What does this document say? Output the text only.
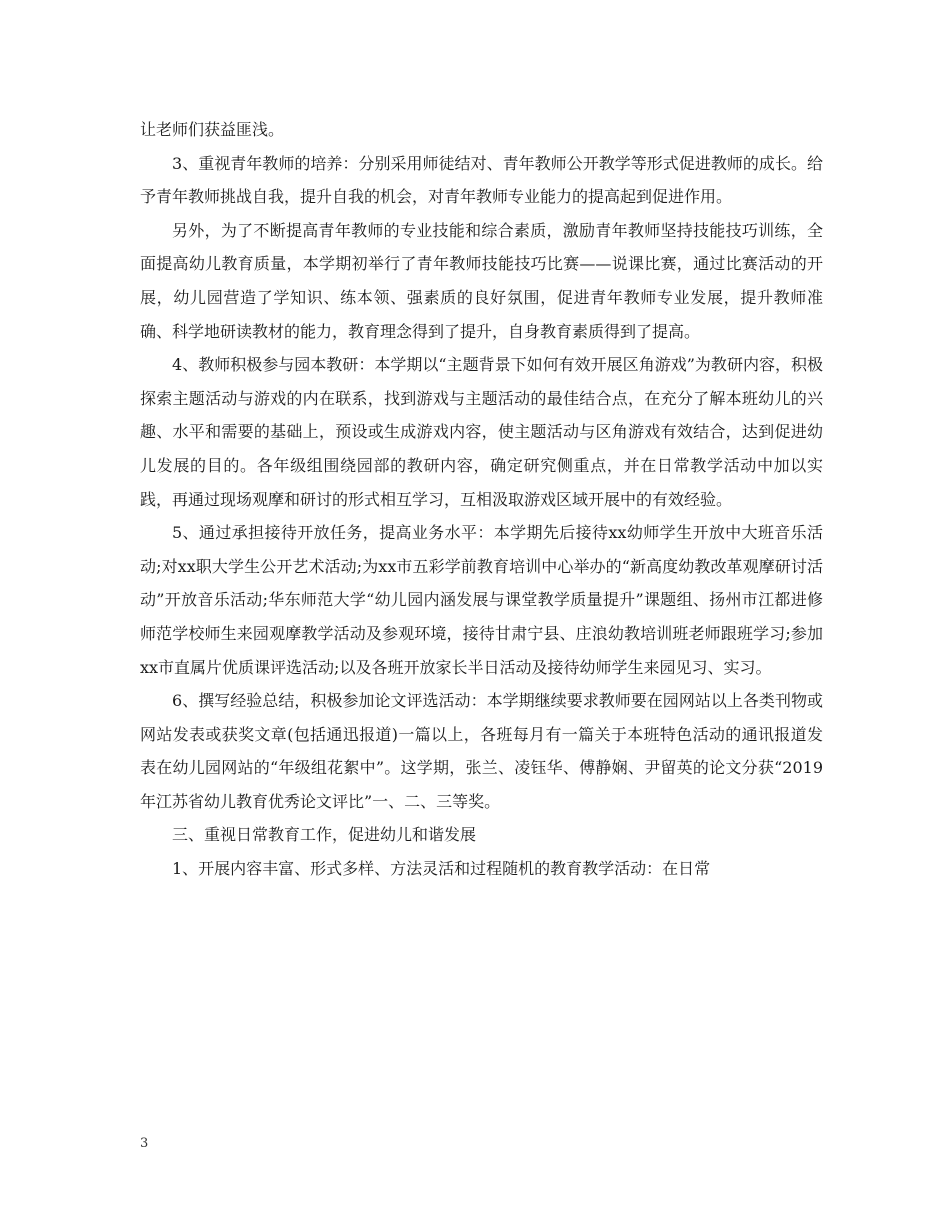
让老师们获益匪浅。

3、重视青年教师的培养：分别采用师徒结对、青年教师公开教学等形式促进教师的成长。给予青年教师挑战自我，提升自我的机会，对青年教师专业能力的提高起到促进作用。

另外，为了不断提高青年教师的专业技能和综合素质，激励青年教师坚持技能技巧训练，全面提高幼儿教育质量，本学期初举行了青年教师技能技巧比赛——说课比赛，通过比赛活动的开展，幼儿园营造了学知识、练本领、强素质的良好氛围，促进青年教师专业发展，提升教师准确、科学地研读教材的能力，教育理念得到了提升，自身教育素质得到了提高。

4、教师积极参与园本教研：本学期以“主题背景下如何有效开展区角游戏”为教研内容，积极探索主题活动与游戏的内在联系，找到游戏与主题活动的最佳结合点，在充分了解本班幼儿的兴趣、水平和需要的基础上，预设或生成游戏内容，使主题活动与区角游戏有效结合，达到促进幼儿发展的目的。各年级组围绕园部的教研内容，确定研究侧重点，并在日常教学活动中加以实践，再通过现场观摩和研讨的形式相互学习，互相汲取游戏区域开展中的有效经验。

5、通过承担接待开放任务，提高业务水平：本学期先后接待xx幼师学生开放中大班音乐活动;对xx职大学生公开艺术活动;为xx市五彩学前教育培训中心举办的“新高度幼教改革观摩研讨活动”开放音乐活动;华东师范大学“幼儿园内涵发展与课堂教学质量提升”课题组、扬州市江都进修师范学校师生来园观摩教学活动及参观环境，接待甘肃宁县、庄浪幼教培训班老师跟班学习;参加xx市直属片优质课评选活动;以及各班开放家长半日活动及接待幼师学生来园见习、实习。

6、撰写经验总结，积极参加论文评选活动：本学期继续要求教师要在园网站以上各类刊物或网站发表或获奖文章(包括通迅报道)一篇以上，各班每月有一篇关于本班特色活动的通讯报道发表在幼儿园网站的“年级组花絮中”。这学期，张兰、凌钰华、傅静娴、尹留英的论文分获“2019年江苏省幼儿教育优秀论文评比”一、二、三等奖。

三、重视日常教育工作，促进幼儿和谐发展

1、开展内容丰富、形式多样、方法灵活和过程随机的教育教学活动：在日常

3
